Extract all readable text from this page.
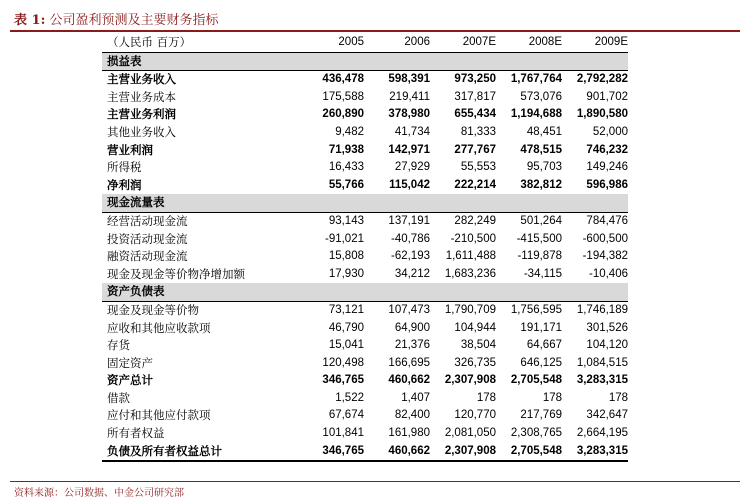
表 1: 公司盈利预测及主要财务指标
（人民币 百万）	2005	2006	2007E	2008E	2009E
损益表					
主营业务收入	436,478	598,391	973,250	1,767,764	2,792,282
主营业务成本	175,588	219,411	317,817	573,076	901,702
主营业务利润	260,890	378,980	655,434	1,194,688	1,890,580
其他业务收入	9,482	41,734	81,333	48,451	52,000
营业利润	71,938	142,971	277,767	478,515	746,232
所得税	16,433	27,929	55,553	95,703	149,246
净利润	55,766	115,042	222,214	382,812	596,986
现金流量表					
经营活动现金流	93,143	137,191	282,249	501,264	784,476
投资活动现金流	-91,021	-40,786	-210,500	-415,500	-600,500
融资活动现金流	15,808	-62,193	1,611,488	-119,878	-194,382
现金及现金等价物净增加额	17,930	34,212	1,683,236	-34,115	-10,406
资产负债表					
现金及现金等价物	73,121	107,473	1,790,709	1,756,595	1,746,189
应收和其他应收款项	46,790	64,900	104,944	191,171	301,526
存货	15,041	21,376	38,504	64,667	104,120
固定资产	120,498	166,695	326,735	646,125	1,084,515
资产总计	346,765	460,662	2,307,908	2,705,548	3,283,315
借款	1,522	1,407	178	178	178
应付和其他应付款项	67,674	82,400	120,770	217,769	342,647
所有者权益	101,841	161,980	2,081,050	2,308,765	2,664,195
负债及所有者权益总计	346,765	460,662	2,307,908	2,705,548	3,283,315
资料来源：公司数据、中金公司研究部
